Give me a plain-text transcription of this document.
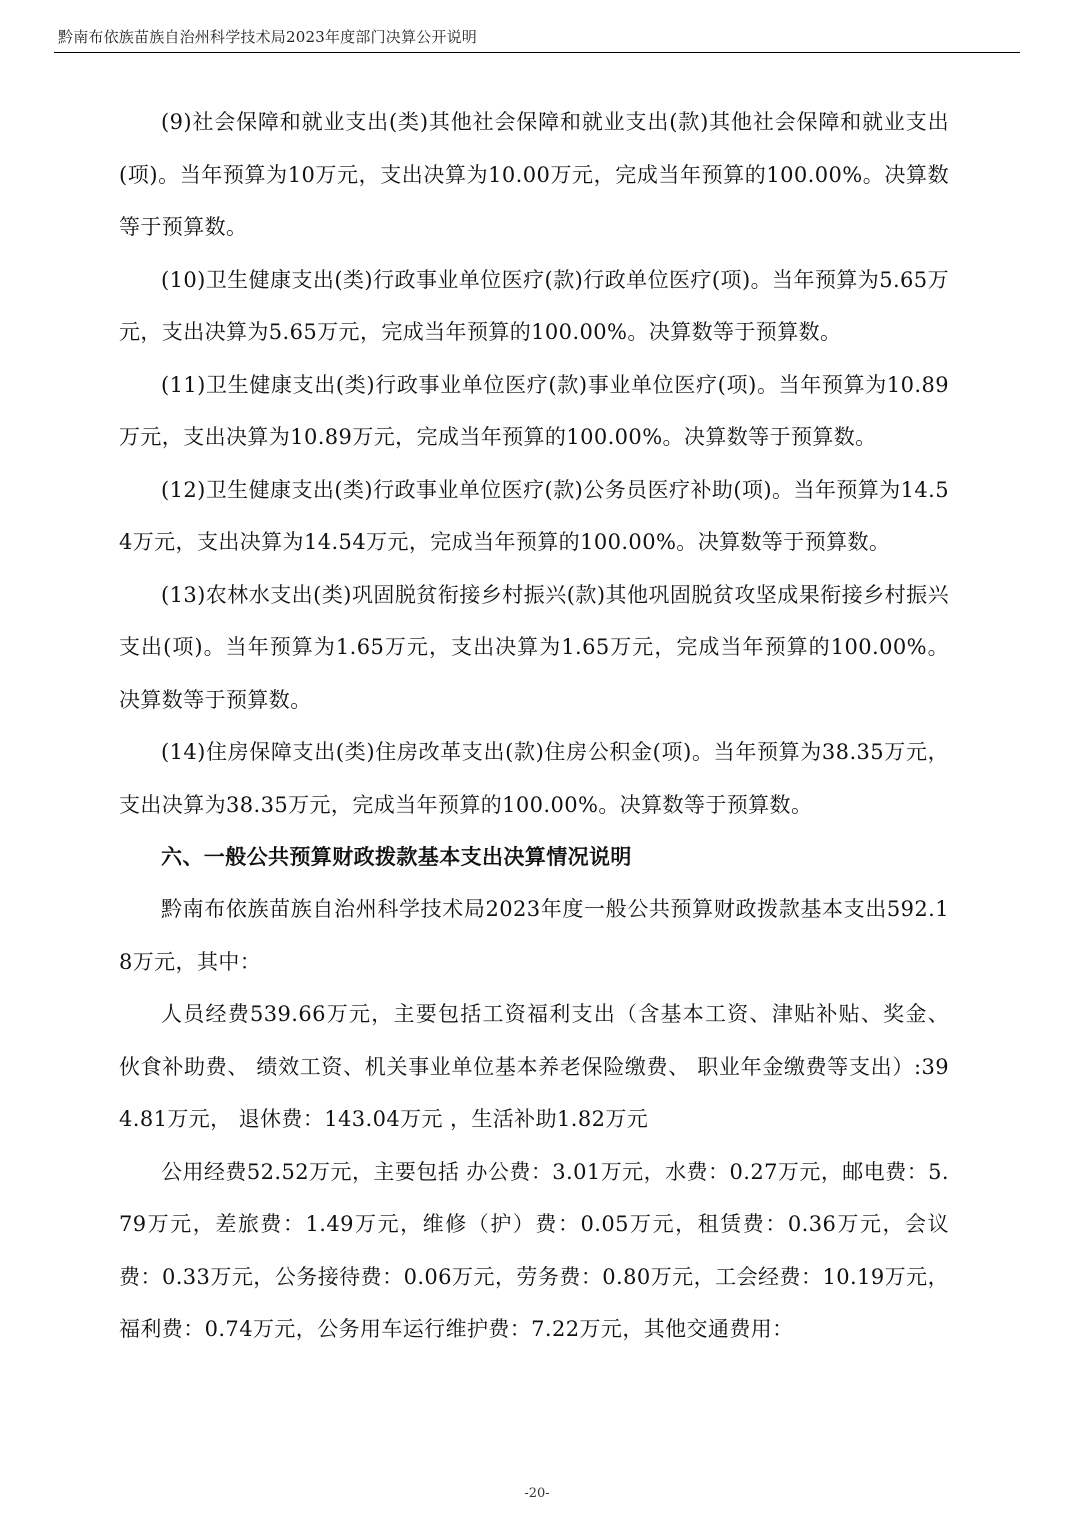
黔南布依族苗族自治州科学技术局2023年度部门决算公开说明

(9)社会保障和就业支出(类)其他社会保障和就业支出(款)其他社会保障和就业支出(项)。当年预算为10万元，支出决算为10.00万元，完成当年预算的100.00%。决算数等于预算数。

(10)卫生健康支出(类)行政事业单位医疗(款)行政单位医疗(项)。当年预算为5.65万元，支出决算为5.65万元，完成当年预算的100.00%。决算数等于预算数。

(11)卫生健康支出(类)行政事业单位医疗(款)事业单位医疗(项)。当年预算为10.89万元，支出决算为10.89万元，完成当年预算的100.00%。决算数等于预算数。

(12)卫生健康支出(类)行政事业单位医疗(款)公务员医疗补助(项)。当年预算为14.54万元，支出决算为14.54万元，完成当年预算的100.00%。决算数等于预算数。

(13)农林水支出(类)巩固脱贫衔接乡村振兴(款)其他巩固脱贫攻坚成果衔接乡村振兴支出(项)。当年预算为1.65万元，支出决算为1.65万元，完成当年预算的100.00%。决算数等于预算数。

(14)住房保障支出(类)住房改革支出(款)住房公积金(项)。当年预算为38.35万元，支出决算为38.35万元，完成当年预算的100.00%。决算数等于预算数。

六、一般公共预算财政拨款基本支出决算情况说明

黔南布依族苗族自治州科学技术局2023年度一般公共预算财政拨款基本支出592.18万元，其中：

人员经费539.66万元，主要包括工资福利支出（含基本工资、津贴补贴、奖金、 伙食补助费、 绩效工资、机关事业单位基本养老保险缴费、 职业年金缴费等支出）:394.81万元， 退休费：143.04万元 ，生活补助1.82万元

公用经费52.52万元，主要包括 办公费：3.01万元，水费：0.27万元，邮电费：5.79万元，差旅费：1.49万元，维修（护）费：0.05万元，租赁费：0.36万元，会议费：0.33万元，公务接待费：0.06万元，劳务费：0.80万元，工会经费：10.19万元，福利费：0.74万元，公务用车运行维护费：7.22万元，其他交通费用：

-20-
